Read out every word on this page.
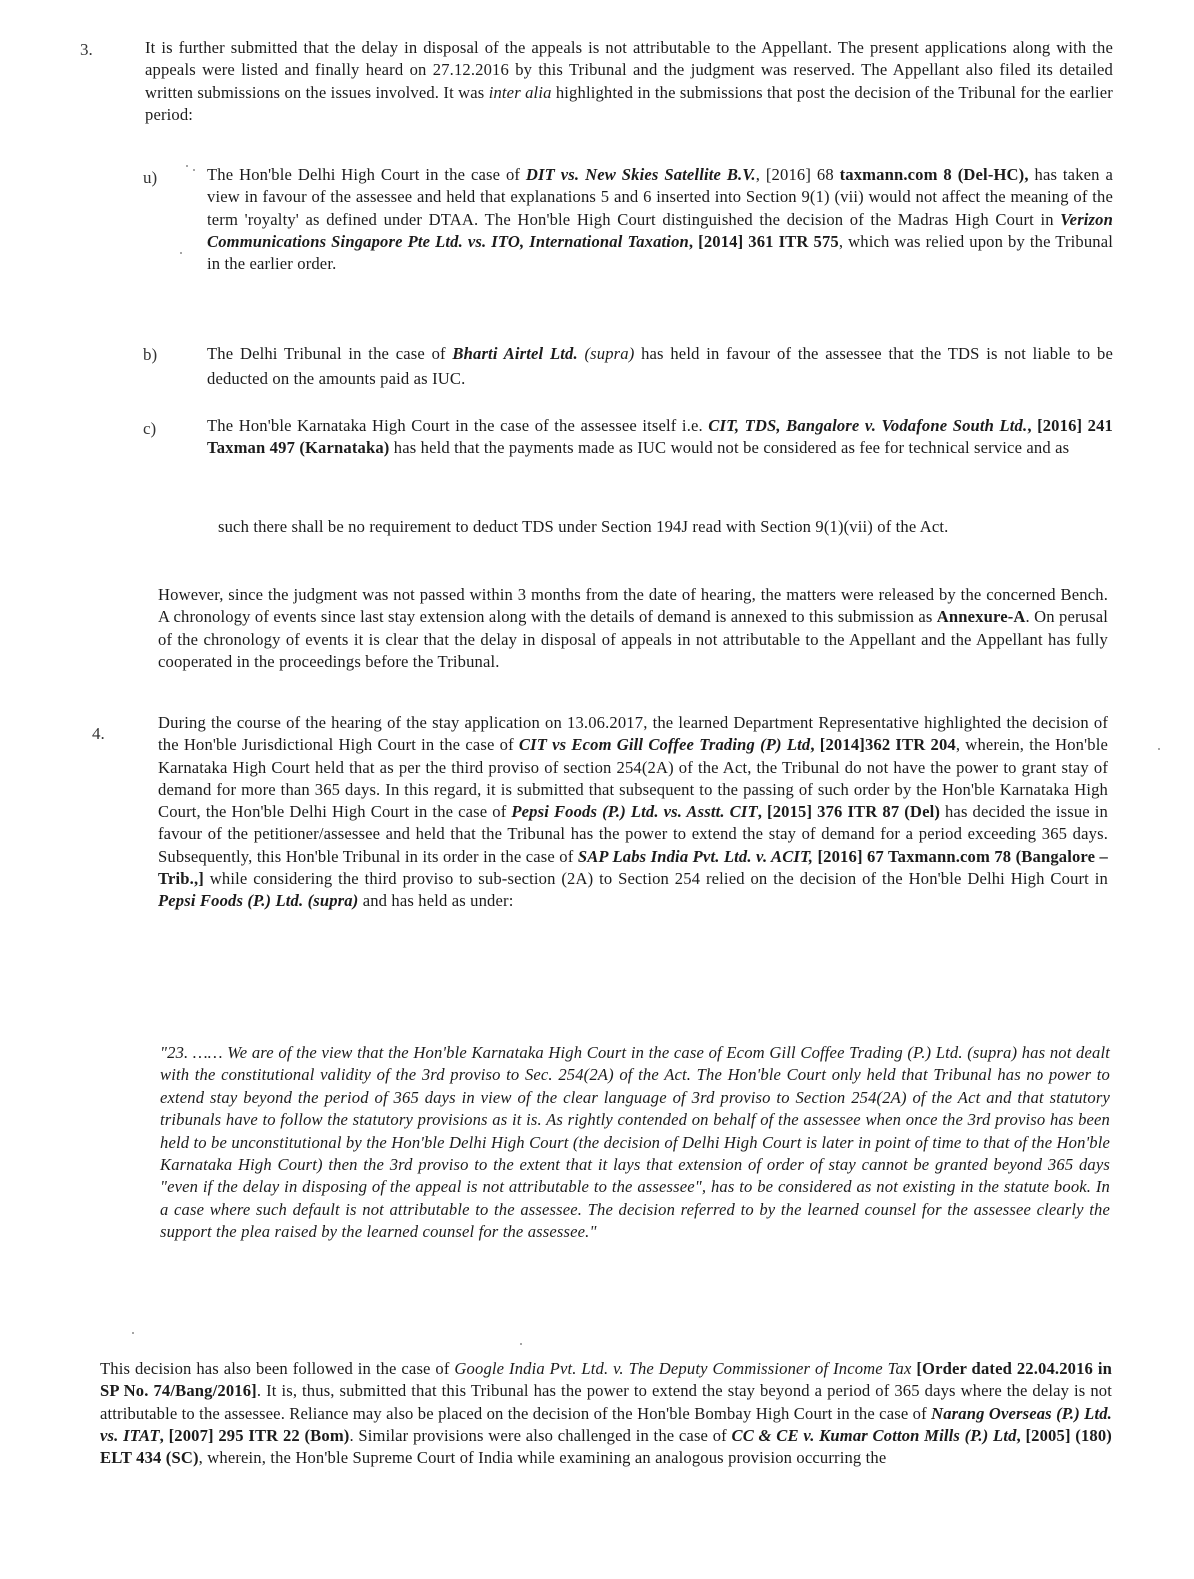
3.	It is further submitted that the delay in disposal of the appeals is not attributable to the Appellant. The present applications along with the appeals were listed and finally heard on 27.12.2016 by this Tribunal and the judgment was reserved. The Appellant also filed its detailed written submissions on the issues involved. It was inter alia highlighted in the submissions that post the decision of the Tribunal for the earlier period:

u)	The Hon'ble Delhi High Court in the case of DIT vs. New Skies Satellite B.V., [2016] 68 taxmann.com 8 (Del-HC), has taken a view in favour of the assessee and held that explanations 5 and 6 inserted into Section 9(1) (vii) would not affect the meaning of the term 'royalty' as defined under DTAA. The Hon'ble High Court distinguished the decision of the Madras High Court in Verizon Communications Singapore Pte Ltd. vs. ITO, International Taxation, [2014] 361 ITR 575, which was relied upon by the Tribunal in the earlier order.

b)	The Delhi Tribunal in the case of Bharti Airtel Ltd. (supra) has held in favour of the assessee that the TDS is not liable to be deducted on the amounts paid as IUC.

c)	The Hon'ble Karnataka High Court in the case of the assessee itself i.e. CIT, TDS, Bangalore v. Vodafone South Ltd., [2016] 241 Taxman 497 (Karnataka) has held that the payments made as IUC would not be considered as fee for technical service and as

such there shall be no requirement to deduct TDS under Section 194J read with Section 9(1)(vii) of the Act.

However, since the judgment was not passed within 3 months from the date of hearing, the matters were released by the concerned Bench. A chronology of events since last stay extension along with the details of demand is annexed to this submission as Annexure-A. On perusal of the chronology of events it is clear that the delay in disposal of appeals in not attributable to the Appellant and the Appellant has fully cooperated in the proceedings before the Tribunal.

4.

During the course of the hearing of the stay application on 13.06.2017, the learned Department Representative highlighted the decision of the Hon'ble Jurisdictional High Court in the case of CIT vs Ecom Gill Coffee Trading (P) Ltd, [2014]362 ITR 204, wherein, the Hon'ble Karnataka High Court held that as per the third proviso of section 254(2A) of the Act, the Tribunal do not have the power to grant stay of demand for more than 365 days. In this regard, it is submitted that subsequent to the passing of such order by the Hon'ble Karnataka High Court, the Hon'ble Delhi High Court in the case of Pepsi Foods (P.) Ltd. vs. Asstt. CIT, [2015] 376 ITR 87 (Del) has decided the issue in favour of the petitioner/assessee and held that the Tribunal has the power to extend the stay of demand for a period exceeding 365 days. Subsequently, this Hon'ble Tribunal in its order in the case of SAP Labs India Pvt. Ltd. v. ACIT, [2016] 67 Taxmann.com 78 (Bangalore –Trib.,] while considering the third proviso to sub-section (2A) to Section 254 relied on the decision of the Hon'ble Delhi High Court in Pepsi Foods (P.) Ltd. (supra) and has held as under:

"23. …… We are of the view that the Hon'ble Karnataka High Court in the case of Ecom Gill Coffee Trading (P.) Ltd. (supra) has not dealt with the constitutional validity of the 3rd proviso to Sec. 254(2A) of the Act. The Hon'ble Court only held that Tribunal has no power to extend stay beyond the period of 365 days in view of the clear language of 3rd proviso to Section 254(2A) of the Act and that statutory tribunals have to follow the statutory provisions as it is. As rightly contended on behalf of the assessee when once the 3rd proviso has been held to be unconstitutional by the Hon'ble Delhi High Court (the decision of Delhi High Court is later in point of time to that of the Hon'ble Karnataka High Court) then the 3rd proviso to the extent that it lays that extension of order of stay cannot be granted beyond 365 days "even if the delay in disposing of the appeal is not attributable to the assessee", has to be considered as not existing in the statute book. In a case where such default is not attributable to the assessee. The decision referred to by the learned counsel for the assessee clearly the support the plea raised by the learned counsel for the assessee."

This decision has also been followed in the case of Google India Pvt. Ltd. v. The Deputy Commissioner of Income Tax [Order dated 22.04.2016 in SP No. 74/Bang/2016]. It is, thus, submitted that this Tribunal has the power to extend the stay beyond a period of 365 days where the delay is not attributable to the assessee. Reliance may also be placed on the decision of the Hon'ble Bombay High Court in the case of Narang Overseas (P.) Ltd. vs. ITAT, [2007] 295 ITR 22 (Bom). Similar provisions were also challenged in the case of CC & CE v. Kumar Cotton Mills (P.) Ltd, [2005] (180) ELT 434 (SC), wherein, the Hon'ble Supreme Court of India while examining an analogous provision occurring the
